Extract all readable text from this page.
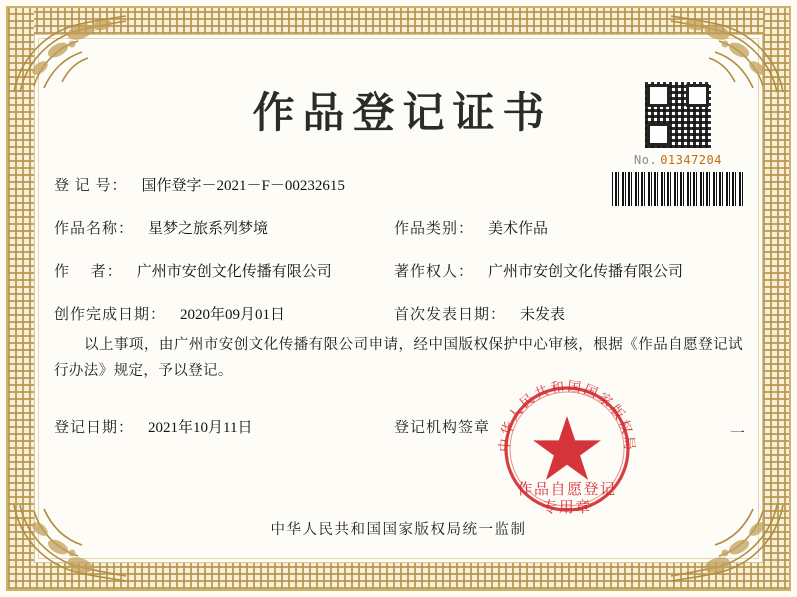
作品登记证书
No. 01347204
登 记 号： 国作登字－2021－F－00232615
作品名称： 星梦之旅系列梦境	作品类别： 美术作品
作　 者： 广州市安创文化传播有限公司	著作权人： 广州市安创文化传播有限公司
创作完成日期： 2020年09月01日	首次发表日期： 未发表
以上事项，由广州市安创文化传播有限公司申请，经中国版权保护中心审核，根据《作品自愿登记试行办法》规定，予以登记。
登记日期： 2021年10月11日	登记机构签章	一
中华人民共和国国家版权局
作品自愿登记
专用章
中华人民共和国国家版权局统一监制
